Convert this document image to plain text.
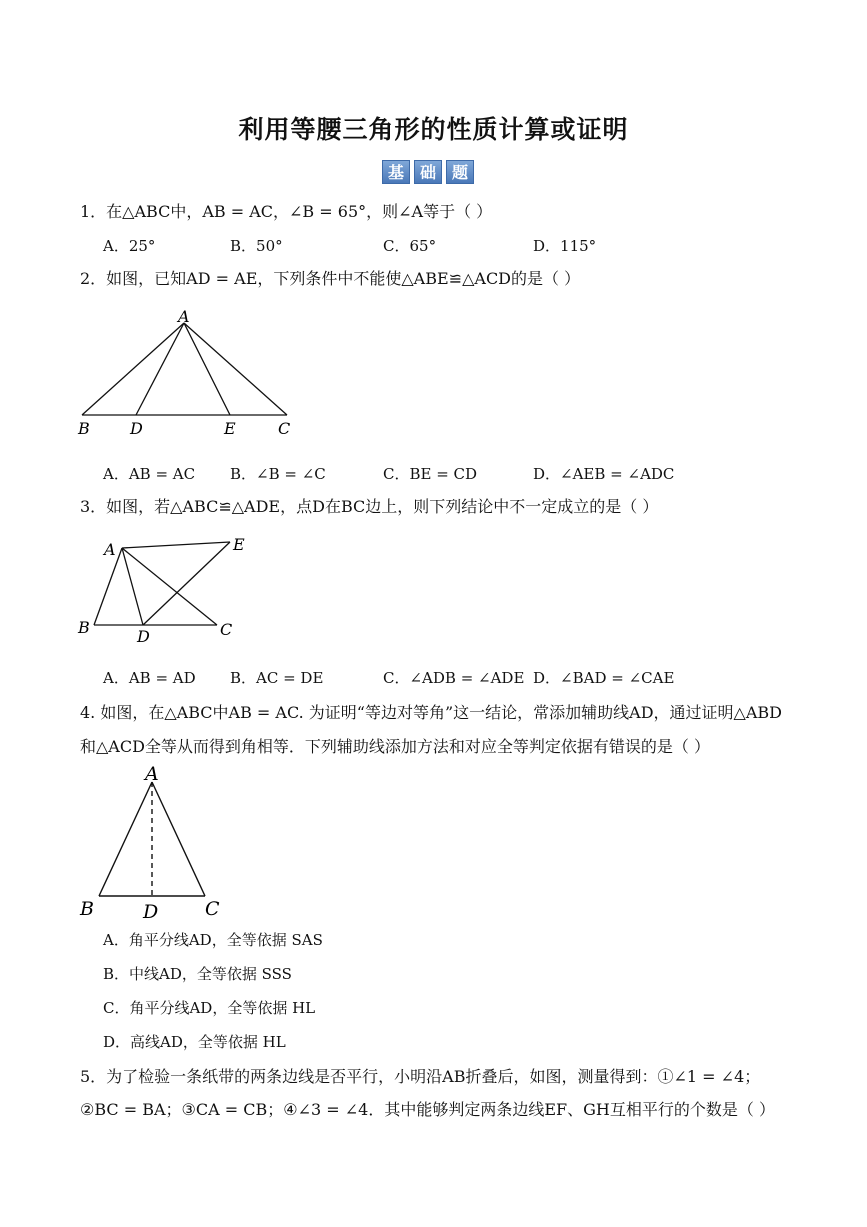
利用等腰三角形的性质计算或证明
基 础 题
1．在△ABC中，AB = AC，∠B = 65°，则∠A等于（ ）
A．25°	B．50°	C．65°	D．115°
2．如图，已知AD = AE，下列条件中不能使△ABE≌△ACD的是（ ）
A
B	D	E	C
A．AB = AC B．∠B = ∠C	C．BE = CD	D．∠AEB = ∠ADC
3．如图，若△ABC≌△ADE，点D在BC边上，则下列结论中不一定成立的是（ ）
A	E
B	D	C
A．AB = AD B．AC = DE	C．∠ADB = ∠ADE D．∠BAD = ∠CAE
4. 如图，在△ABC中AB = AC. 为证明“等边对等角”这一结论，常添加辅助线AD，通过证明△ABD
和△ACD全等从而得到角相等．下列辅助线添加方法和对应全等判定依据有错误的是（ ）
A
B	D C
A．角平分线AD，全等依据 SAS
B．中线AD，全等依据 SSS
C．角平分线AD，全等依据 HL
D．高线AD，全等依据 HL
5．为了检验一条纸带的两条边线是否平行，小明沿AB折叠后，如图，测量得到：①∠1 = ∠4；
②BC = BA；③CA = CB；④∠3 = ∠4．其中能够判定两条边线EF、GH互相平行的个数是（ ）
